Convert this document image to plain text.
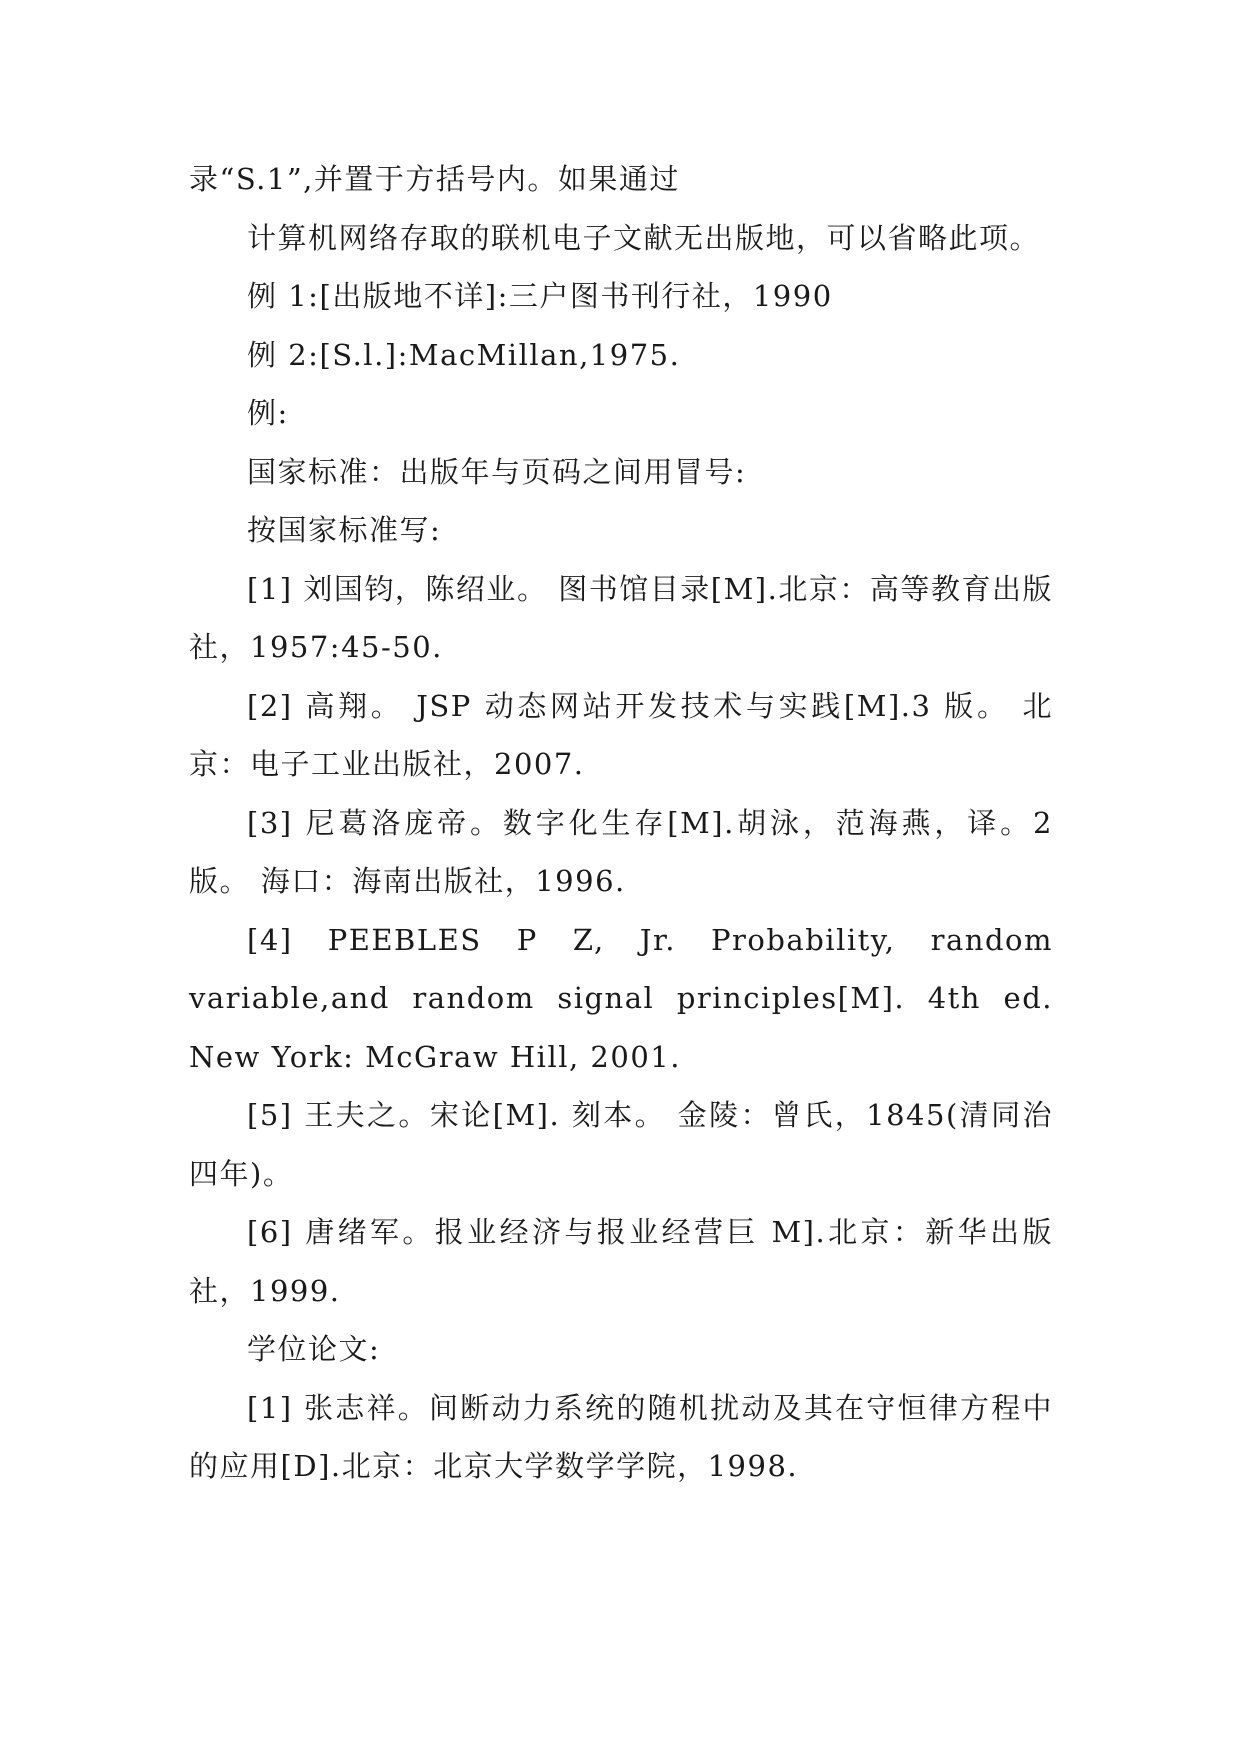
录“S.1”,并置于方括号内。如果通过

计算机网络存取的联机电子文献无出版地，可以省略此项。

例 1:[出版地不详]:三户图书刊行社，1990

例 2:[S.l.]:MacMillan,1975.

例:

国家标准：出版年与页码之间用冒号:

按国家标准写:

[1] 刘国钧，陈绍业。 图书馆目录[M].北京：高等教育出版社，1957:45-50.

[2] 高翔。 JSP 动态网站开发技术与实践[M].3 版。 北京：电子工业出版社，2007.

[3] 尼葛洛庞帝。数字化生存[M].胡泳，范海燕，译。2 版。 海口：海南出版社，1996.

[4] PEEBLES P Z, Jr. Probability, random variable,and random signal principles[M]. 4th ed. New York: McGraw Hill, 2001.

[5] 王夫之。宋论[M]. 刻本。 金陵：曾氏，1845(清同治四年)。

[6] 唐绪军。报业经济与报业经营巨 M].北京：新华出版社，1999.

学位论文:

[1] 张志祥。间断动力系统的随机扰动及其在守恒律方程中的应用[D].北京：北京大学数学学院，1998.
